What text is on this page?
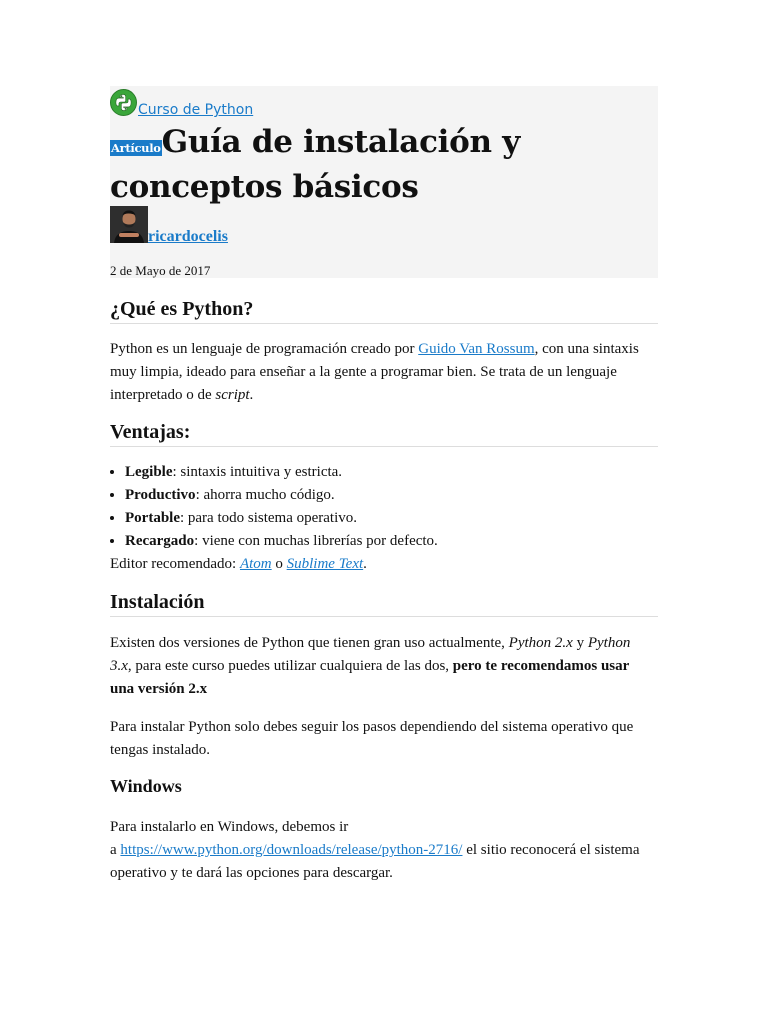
Curso de Python
ArtículoGuía de instalación y
conceptos básicos
ricardocelis
2 de Mayo de 2017
¿Qué es Python?

Python es un lenguaje de programación creado por Guido Van Rossum, con una sintaxis
muy limpia, ideado para enseñar a la gente a programar bien. Se trata de un lenguaje
interpretado o de script.

Ventajas:
• Legible: sintaxis intuitiva y estricta.
• Productivo: ahorra mucho código.
• Portable: para todo sistema operativo.
• Recargado: viene con muchas librerías por defecto.

Editor recomendado: Atom o Sublime Text.

Instalación

Existen dos versiones de Python que tienen gran uso actualmente, Python 2.x y Python
3.x, para este curso puedes utilizar cualquiera de las dos, pero te recomendamos usar
una versión 2.x

Para instalar Python solo debes seguir los pasos dependiendo del sistema operativo que
tengas instalado.

Windows

Para instalarlo en Windows, debemos ir
a https://www.python.org/downloads/release/python-2716/ el sitio reconocerá el sistema
operativo y te dará las opciones para descargar.
